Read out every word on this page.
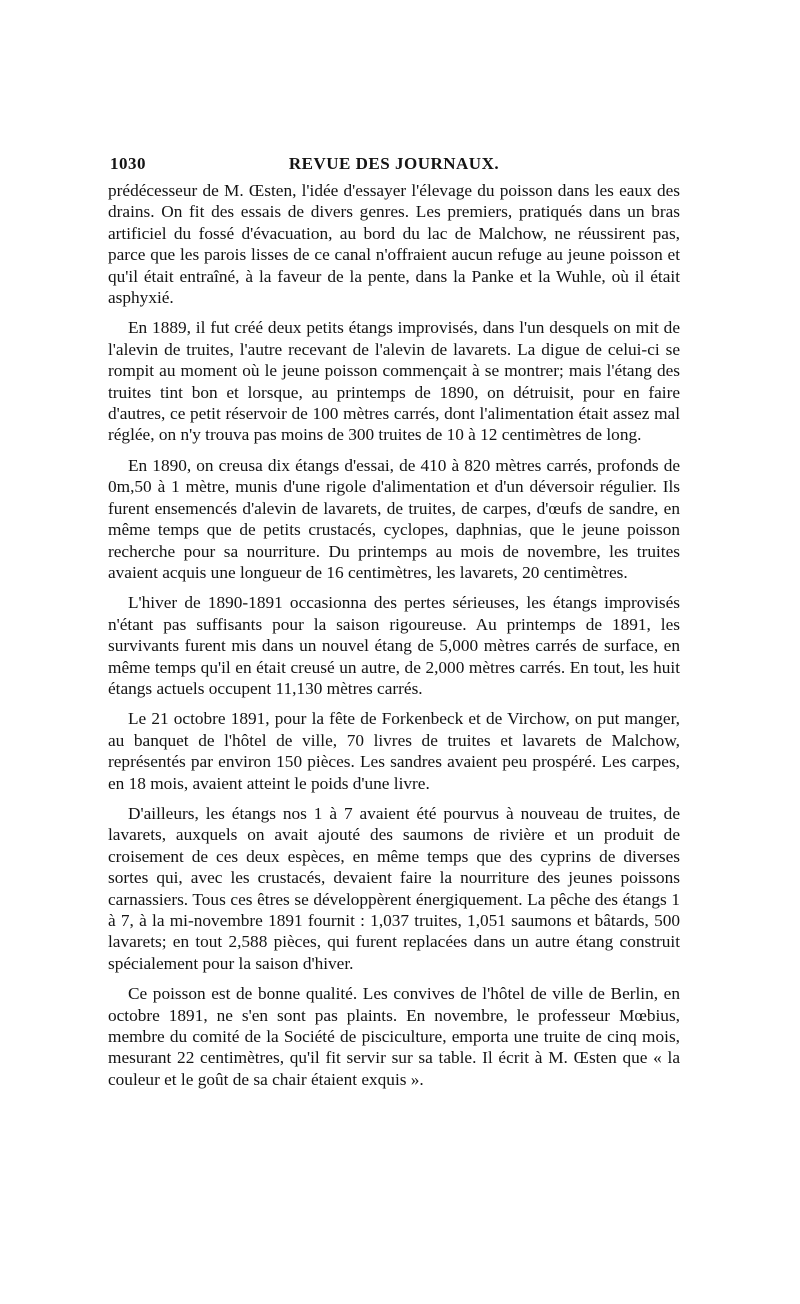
1030	REVUE DES JOURNAUX.

prédécesseur de M. Œsten, l'idée d'essayer l'élevage du poisson dans les eaux des drains. On fit des essais de divers genres. Les premiers, pratiqués dans un bras artificiel du fossé d'évacuation, au bord du lac de Malchow, ne réussirent pas, parce que les parois lisses de ce canal n'offraient aucun refuge au jeune poisson et qu'il était entraîné, à la faveur de la pente, dans la Panke et la Wuhle, où il était asphyxié.

En 1889, il fut créé deux petits étangs improvisés, dans l'un desquels on mit de l'alevin de truites, l'autre recevant de l'alevin de lavarets. La digue de celui-ci se rompit au moment où le jeune poisson commençait à se montrer; mais l'étang des truites tint bon et lorsque, au printemps de 1890, on détruisit, pour en faire d'autres, ce petit réservoir de 100 mètres carrés, dont l'alimentation était assez mal réglée, on n'y trouva pas moins de 300 truites de 10 à 12 centimètres de long.

En 1890, on creusa dix étangs d'essai, de 410 à 820 mètres carrés, profonds de 0m,50 à 1 mètre, munis d'une rigole d'alimentation et d'un déversoir régulier. Ils furent ensemencés d'alevin de lavarets, de truites, de carpes, d'œufs de sandre, en même temps que de petits crustacés, cyclopes, daphnias, que le jeune poisson recherche pour sa nourriture. Du printemps au mois de novembre, les truites avaient acquis une longueur de 16 centimètres, les lavarets, 20 centimètres.

L'hiver de 1890-1891 occasionna des pertes sérieuses, les étangs improvisés n'étant pas suffisants pour la saison rigoureuse. Au printemps de 1891, les survivants furent mis dans un nouvel étang de 5,000 mètres carrés de surface, en même temps qu'il en était creusé un autre, de 2,000 mètres carrés. En tout, les huit étangs actuels occupent 11,130 mètres carrés.

Le 21 octobre 1891, pour la fête de Forkenbeck et de Virchow, on put manger, au banquet de l'hôtel de ville, 70 livres de truites et lavarets de Malchow, représentés par environ 150 pièces. Les sandres avaient peu prospéré. Les carpes, en 18 mois, avaient atteint le poids d'une livre.

D'ailleurs, les étangs nos 1 à 7 avaient été pourvus à nouveau de truites, de lavarets, auxquels on avait ajouté des saumons de rivière et un produit de croisement de ces deux espèces, en même temps que des cyprins de diverses sortes qui, avec les crustacés, devaient faire la nourriture des jeunes poissons carnassiers. Tous ces êtres se développèrent énergiquement. La pêche des étangs 1 à 7, à la mi-novembre 1891 fournit : 1,037 truites, 1,051 saumons et bâtards, 500 lavarets; en tout 2,588 pièces, qui furent replacées dans un autre étang construit spécialement pour la saison d'hiver.

Ce poisson est de bonne qualité. Les convives de l'hôtel de ville de Berlin, en octobre 1891, ne s'en sont pas plaints. En novembre, le professeur Mœbius, membre du comité de la Société de pisciculture, emporta une truite de cinq mois, mesurant 22 centimètres, qu'il fit servir sur sa table. Il écrit à M. Œsten que « la couleur et le goût de sa chair étaient exquis ».
